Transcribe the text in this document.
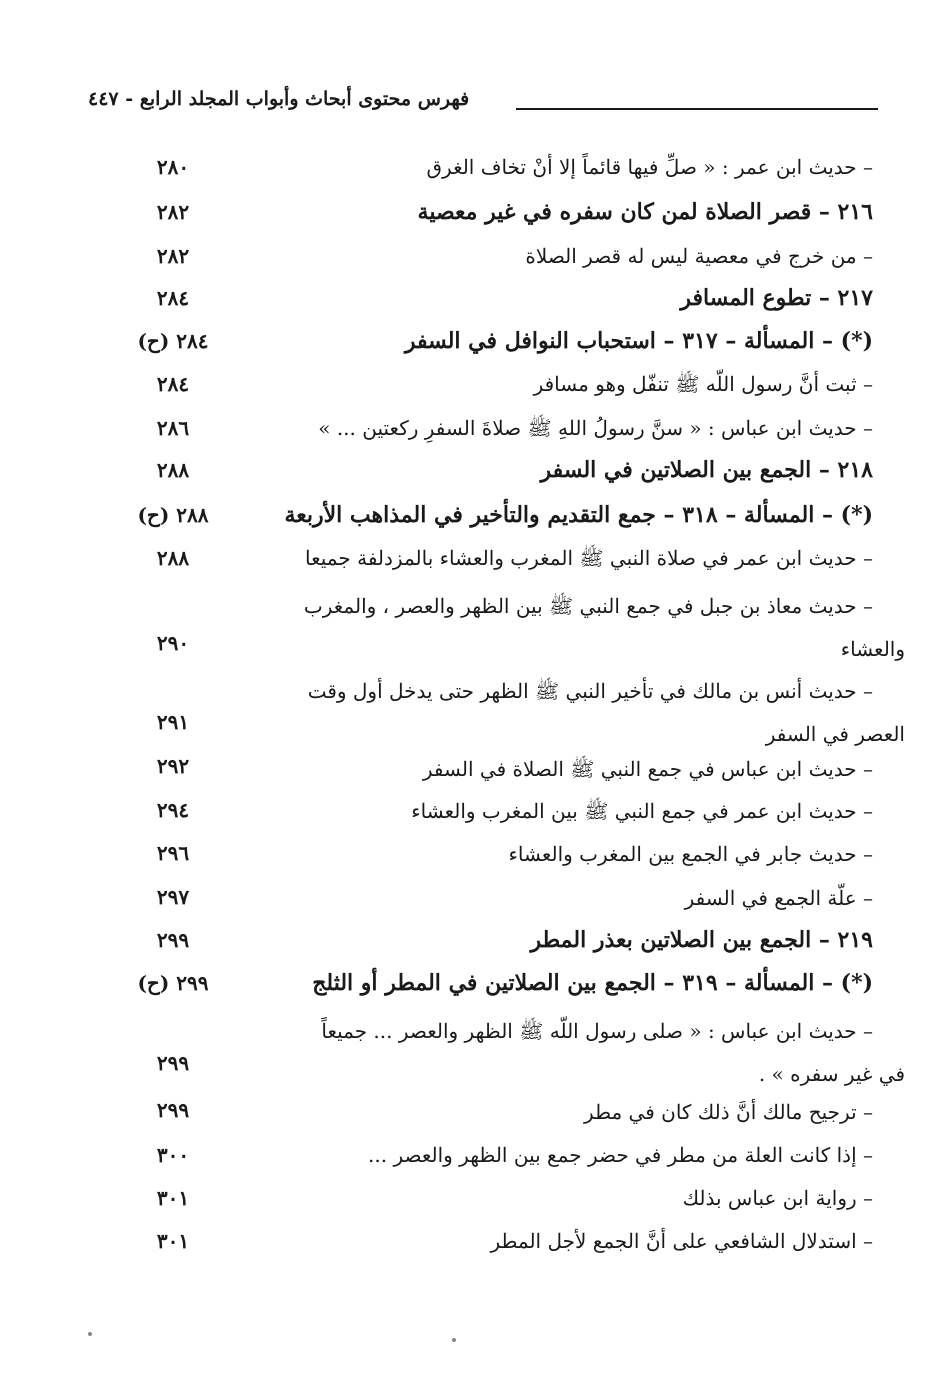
فهرس محتوى أبحاث وأبواب المجلد الرابع - ٤٤٧
– حديث ابن عمر : « صلِّ فيها قائماً إلا أنْ تخاف الغرق
٢٨٠
٢١٦ – قصر الصلاة لمن كان سفره في غير معصية
٢٨٢
– من خرج في معصية ليس له قصر الصلاة
٢٨٢
٢١٧ – تطوع المسافر
٢٨٤
(*) – المسألة – ٣١٧ – استحباب النوافل في السفر
٢٨٤ (ح)
– ثبت أنَّ رسول اللّه ﷺ تنفّل وهو مسافر
٢٨٤
– حديث ابن عباس : « سنَّ رسولُ اللهِ ﷺ صلاةَ السفرِ ركعتين ... »
٢٨٦
٢١٨ – الجمع بين الصلاتين في السفر
٢٨٨
(*) – المسألة – ٣١٨ – جمع التقديم والتأخير في المذاهب الأربعة
٢٨٨ (ح)
– حديث ابن عمر في صلاة النبي ﷺ المغرب والعشاء بالمزدلفة جميعا
٢٨٨
– حديث معاذ بن جبل في جمع النبي ﷺ بين الظهر والعصر ، والمغرب
والعشاء
٢٩٠
– حديث أنس بن مالك في تأخير النبي ﷺ الظهر حتى يدخل أول وقت
العصر في السفر
٢٩١
– حديث ابن عباس في جمع النبي ﷺ الصلاة في السفر
٢٩٢
– حديث ابن عمر في جمع النبي ﷺ بين المغرب والعشاء
٢٩٤
– حديث جابر في الجمع بين المغرب والعشاء
٢٩٦
– علّة الجمع في السفر
٢٩٧
٢١٩ – الجمع بين الصلاتين بعذر المطر
٢٩٩
(*) – المسألة – ٣١٩ – الجمع بين الصلاتين في المطر أو الثلج
٢٩٩ (ح)
– حديث ابن عباس : « صلى رسول اللّه ﷺ الظهر والعصر ... جميعاً
في غير سفره » .
٢٩٩
– ترجيح مالك أنَّ ذلك كان في مطر
٢٩٩
– إذا كانت العلة من مطر في حضر جمع بين الظهر والعصر ...
٣٠٠
– رواية ابن عباس بذلك
٣٠١
– استدلال الشافعي على أنَّ الجمع لأجل المطر
٣٠١
